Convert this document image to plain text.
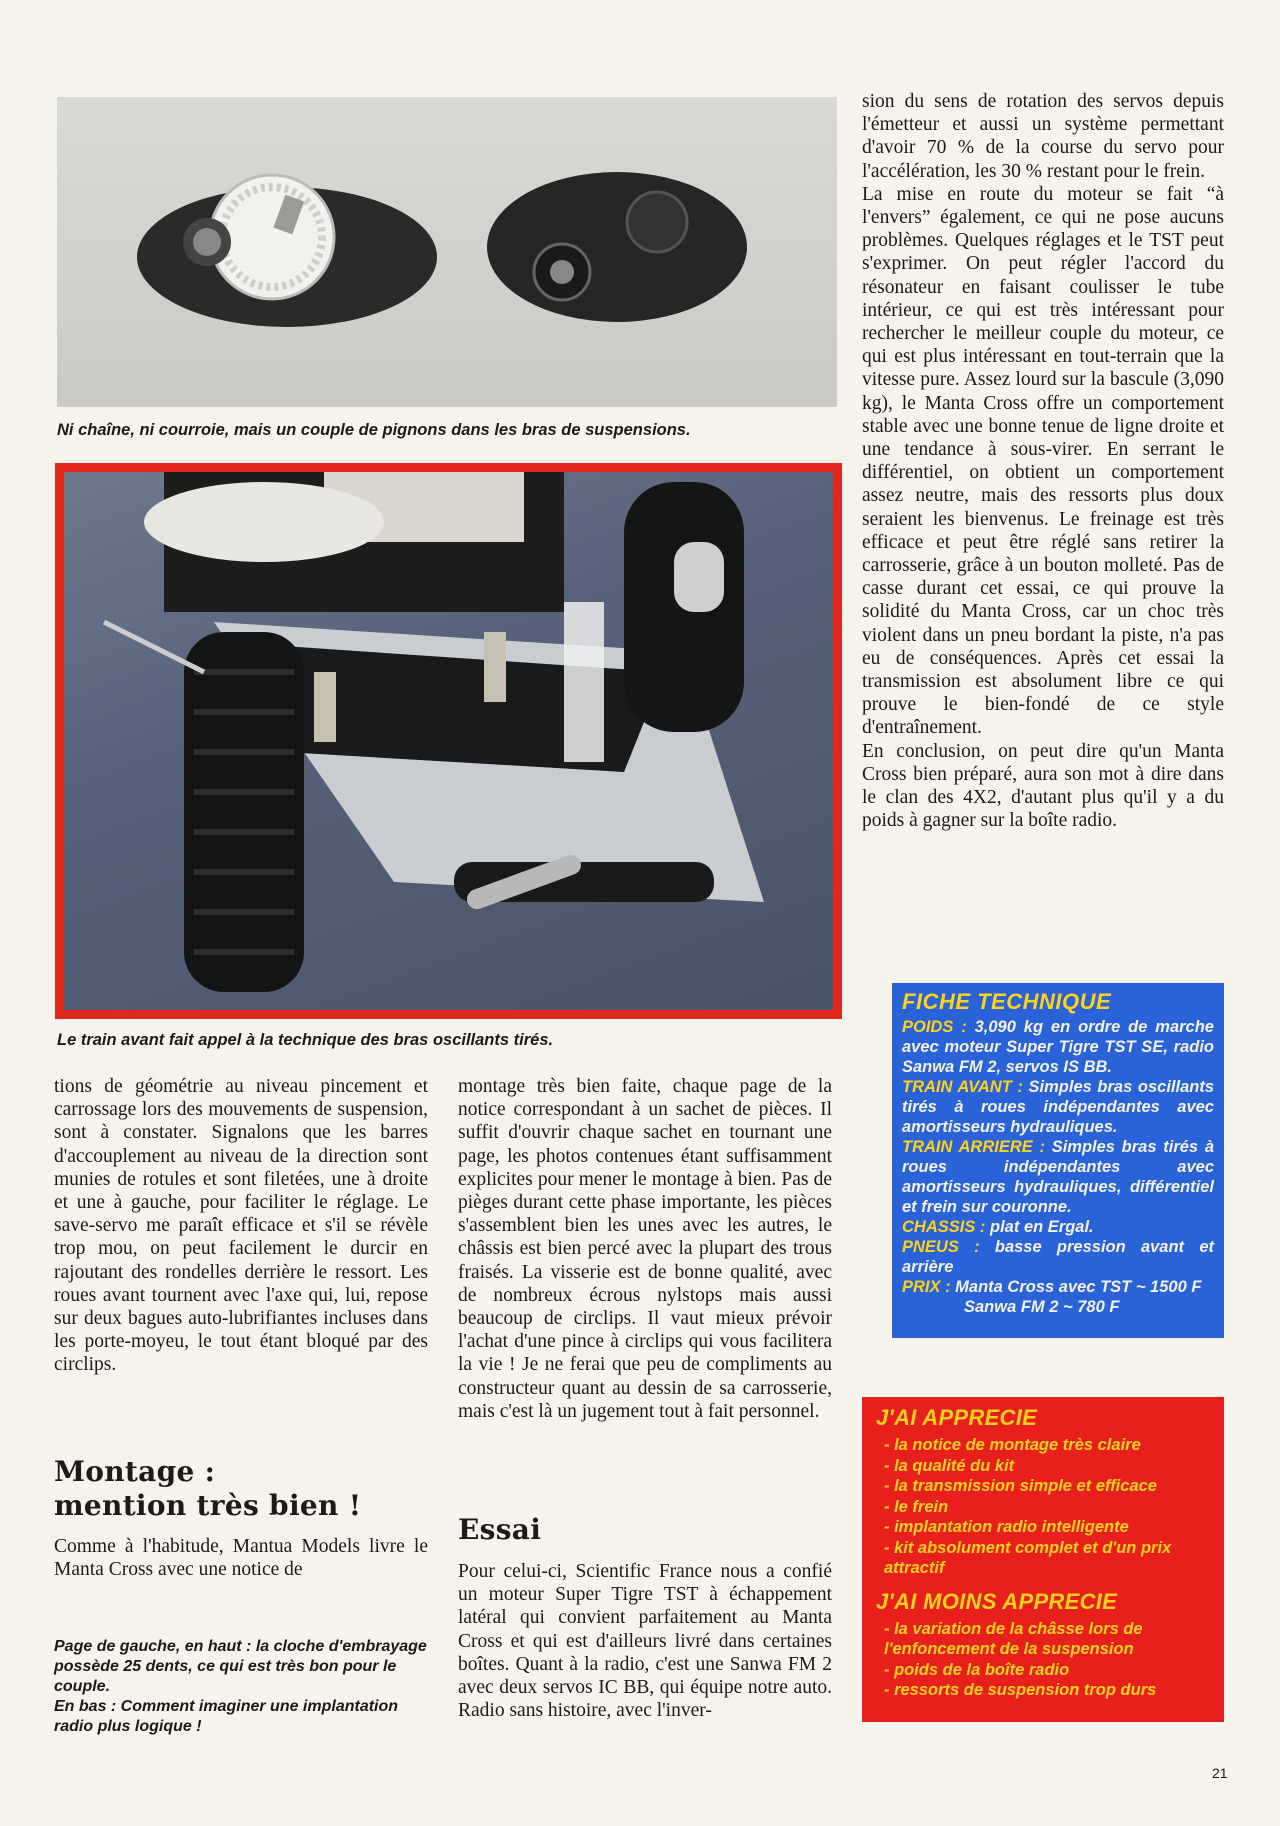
Ni chaîne, ni courroie, mais un couple de pignons dans les bras de suspensions.

Le train avant fait appel à la technique des bras oscillants tirés.

sion du sens de rotation des servos depuis l'émetteur et aussi un système permettant d'avoir 70 % de la course du servo pour l'accélération, les 30 % restant pour le frein.

La mise en route du moteur se fait “à l'envers” également, ce qui ne pose aucuns problèmes. Quelques réglages et le TST peut s'exprimer. On peut régler l'accord du résonateur en faisant coulisser le tube intérieur, ce qui est très intéressant pour rechercher le meilleur couple du moteur, ce qui est plus intéressant en tout-terrain que la vitesse pure. Assez lourd sur la bascule (3,090 kg), le Manta Cross offre un comportement stable avec une bonne tenue de ligne droite et une tendance à sous-virer. En serrant le différentiel, on obtient un comportement assez neutre, mais des ressorts plus doux seraient les bienvenus. Le freinage est très efficace et peut être réglé sans retirer la carrosserie, grâce à un bouton molleté. Pas de casse durant cet essai, ce qui prouve la solidité du Manta Cross, car un choc très violent dans un pneu bordant la piste, n'a pas eu de conséquences. Après cet essai la transmission est absolument libre ce qui prouve le bien-fondé de ce style d'entraînement.

En conclusion, on peut dire qu'un Manta Cross bien préparé, aura son mot à dire dans le clan des 4X2, d'autant plus qu'il y a du poids à gagner sur la boîte radio.

tions de géométrie au niveau pincement et carrossage lors des mouvements de suspension, sont à constater. Signalons que les barres d'accouplement au niveau de la direction sont munies de rotules et sont filetées, une à droite et une à gauche, pour faciliter le réglage. Le save-servo me paraît efficace et s'il se révèle trop mou, on peut facilement le durcir en rajoutant des rondelles derrière le ressort. Les roues avant tournent avec l'axe qui, lui, repose sur deux bagues auto-lubrifiantes incluses dans les porte-moyeu, le tout étant bloqué par des circlips.

Montage :

mention très bien !

Comme à l'habitude, Mantua Models livre le Manta Cross avec une notice de

Page de gauche, en haut : la cloche d'embrayage possède 25 dents, ce qui est très bon pour le couple.
En bas : Comment imaginer une implantation radio plus logique !

montage très bien faite, chaque page de la notice correspondant à un sachet de pièces. Il suffit d'ouvrir chaque sachet en tournant une page, les photos contenues étant suffisamment explicites pour mener le montage à bien. Pas de pièges durant cette phase importante, les pièces s'assemblent bien les unes avec les autres, le châssis est bien percé avec la plupart des trous fraisés. La visserie est de bonne qualité, avec de nombreux écrous nylstops mais aussi beaucoup de circlips. Il vaut mieux prévoir l'achat d'une pince à circlips qui vous facilitera la vie ! Je ne ferai que peu de compliments au constructeur quant au dessin de sa carrosserie, mais c'est là un jugement tout à fait personnel.

Essai

Pour celui-ci, Scientific France nous a confié un moteur Super Tigre TST à échappement latéral qui convient parfaitement au Manta Cross et qui est d'ailleurs livré dans certaines boîtes. Quant à la radio, c'est une Sanwa FM 2 avec deux servos IC BB, qui équipe notre auto. Radio sans histoire, avec l'inver-

FICHE TECHNIQUE

POIDS : 3,090 kg en ordre de marche avec moteur Super Tigre TST SE, radio Sanwa FM 2, servos IS BB.

TRAIN AVANT : Simples bras oscillants tirés à roues indépendantes avec amortisseurs hydrauliques.

TRAIN ARRIERE : Simples bras tirés à roues indépendantes avec amortisseurs hydrauliques, différentiel et frein sur couronne.

CHASSIS : plat en Ergal.

PNEUS : basse pression avant et arrière

PRIX : Manta Cross avec TST ~ 1500 F

Sanwa FM 2 ~ 780 F

J'AI APPRECIE
- la notice de montage très claire
- la qualité du kit
- la transmission simple et efficace
- le frein
- implantation radio intelligente
- kit absolument complet et d'un prix attractif
J'AI MOINS APPRECIE
- la variation de la châsse lors de l'enfoncement de la suspension
- poids de la boîte radio
- ressorts de suspension trop durs
21
